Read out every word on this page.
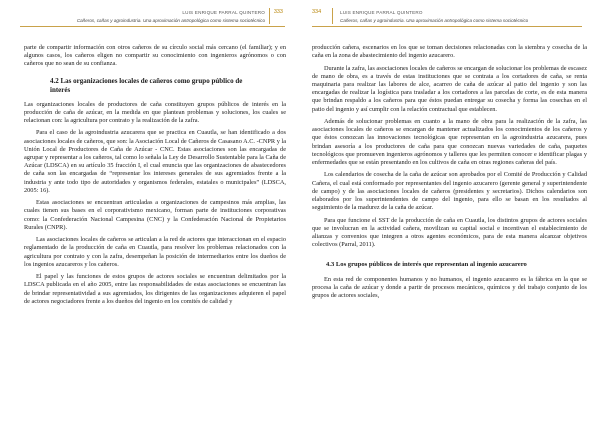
LUIS ENRIQUE PARRAL QUINTERO
Cañeros, cañas y agroindustria. Una aproximación antropológica como sistema sociotécnico
333

parte de compartir información con otros cañeros de su círculo social más cercano (el familiar); y en algunos casos, los cañeros eligen no compartir su conocimiento con ingenieros agrónomos o con cañeros que no sean de su confianza.

4.2 Las organizaciones locales de cañeros como grupo público de interés

Las organizaciones locales de productores de caña constituyen grupos públicos de interés en la producción de caña de azúcar, en la medida en que plantean problemas y soluciones, los cuales se relacionan con: la agricultura por contrato y la realización de la zafra.

Para el caso de la agroindustria azucarera que se practica en Cuautla, se han identificado a dos asociaciones locales de cañeros, que son: la Asociación Local de Cañeros de Casasano A.C. -CNPR y la Unión Local de Productores de Caña de Azúcar - CNC. Estas asociaciones son las encargadas de agrupar y representar a los cañeros, tal como lo señala la Ley de Desarrollo Sustentable para la Caña de Azúcar (LDSCA) en su artículo 35 fracción I, el cual enuncia que las organizaciones de abastecedores de caña son las encargadas de “representar los intereses generales de sus agremiados frente a la industria y ante todo tipo de autoridades y organismos federales, estatales o municipales” (LDSCA, 2005: 16).

Estas asociaciones se encuentran articuladas a organizaciones de campesinos más amplias, las cuales tienen sus bases en el corporativismo mexicano, forman parte de instituciones corporativas como: la Confederación Nacional Campesina (CNC) y la Confederación Nacional de Propietarios Rurales (CNPR).

Las asociaciones locales de cañeros se articulan a la red de actores que interaccionan en el espacio reglamentado de la producción de caña en Cuautla, para resolver los problemas relacionados con la agricultura por contrato y con la zafra, desempeñan la posición de intermediarios entre los dueños de los ingenios azucareros y los cañeros.

El papel y las funciones de estos grupos de actores sociales se encuentran delimitados por la LDSCA publicada en el año 2005, entre las responsabilidades de estas asociaciones se encuentran las de brindar representatividad a sus agremiados, los dirigentes de las organizaciones adquieren el papel de actores negociadores frente a los dueños del ingenio en los comités de calidad y

334	LUIS ENRIQUE PARRAL QUINTERO
Cañeros, cañas y agroindustria. Una aproximación antropológica como sistema sociotécnico

producción cañera, escenarios en los que se toman decisiones relacionadas con la siembra y cosecha de la caña en la zona de abastecimiento del ingenio azucarero.

Durante la zafra, las asociaciones locales de cañeros se encargan de solucionar los problemas de escasez de mano de obra, es a través de estas instituciones que se contrata a los cortadores de caña, se renta maquinaria para realizar las labores de alce, acarreo de caña de azúcar al patio del ingenio y son las encargadas de realizar la logística para trasladar a los cortadores a las parcelas de corte, es de esta manera que brindan respaldo a los cañeros para que éstos puedan entregar su cosecha y forma las cosechas en el patio del ingenio y así cumplir con la relación contractual que establecen.

Además de solucionar problemas en cuanto a la mano de obra para la realización de la zafra, las asociaciones locales de cañeros se encargan de mantener actualizados los conocimientos de los cañeros y que éstos conozcan las innovaciones tecnológicas que representan en la agroindustria azucarera, pues brindan asesoría a los productores de caña para que conozcan nuevas variedades de caña, paquetes tecnológicos que promueven ingenieros agrónomos y talleres que les permiten conocer e identificar plagas y enfermedades que se están presentando en los cultivos de caña en otras regiones cañeras del país.

Los calendarios de cosecha de la caña de azúcar son aprobados por el Comité de Producción y Calidad Cañera, el cual está conformado por representantes del ingenio azucarero (gerente general y superintendente de campo) y de las asociaciones locales de cañeros (presidentes y secretarios). Dichos calendarios son elaborados por los superintendentes de campo del ingenio, para ello se basan en los resultados al seguimiento de la madurez de la caña de azúcar.

Para que funcione el SST de la producción de caña en Cuautla, los distintos grupos de actores sociales que se involucran en la actividad cañera, movilizan su capital social e incentivan el establecimiento de alianzas y convenios que integren a otros agentes económicos, para de esta manera alcanzar objetivos colectivos (Parral, 2011).

4.3 Los grupos públicos de interés que representan al ingenio azucarero

En esta red de componentes humanos y no humanos, el ingenio azucarero es la fábrica en la que se procesa la caña de azúcar y donde a partir de procesos mecánicos, químicos y del trabajo conjunto de los grupos de actores sociales,
